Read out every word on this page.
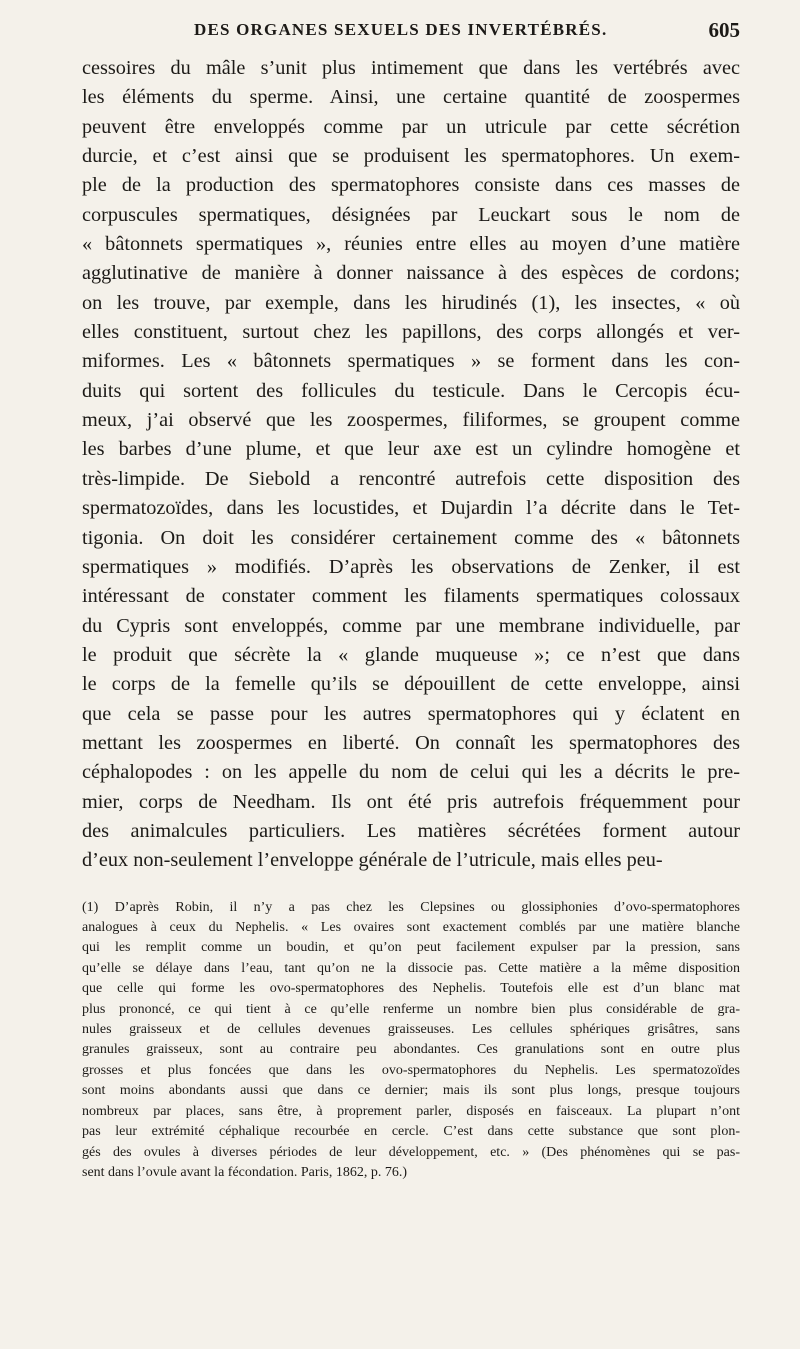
DES ORGANES SEXUELS DES INVERTÉBRÉS.	605
cessoires du mâle s’unit plus intimement que dans les vertébrés avec
les éléments du sperme. Ainsi, une certaine quantité de zoospermes
peuvent être enveloppés comme par un utricule par cette sécrétion
durcie, et c’est ainsi que se produisent les spermatophores. Un exem-
ple de la production des spermatophores consiste dans ces masses de
corpuscules spermatiques, désignées par Leuckart sous le nom de
« bâtonnets spermatiques », réunies entre elles au moyen d’une matière
agglutinative de manière à donner naissance à des espèces de cordons;
on les trouve, par exemple, dans les hirudinés (1), les insectes, « où
elles constituent, surtout chez les papillons, des corps allongés et ver-
miformes. Les « bâtonnets spermatiques » se forment dans les con-
duits qui sortent des follicules du testicule. Dans le Cercopis écu-
meux, j’ai observé que les zoospermes, filiformes, se groupent comme
les barbes d’une plume, et que leur axe est un cylindre homogène et
très-limpide. De Siebold a rencontré autrefois cette disposition des
spermatozoïdes, dans les locustides, et Dujardin l’a décrite dans le Tet-
tigonia. On doit les considérer certainement comme des « bâtonnets
spermatiques » modifiés. D’après les observations de Zenker, il est
intéressant de constater comment les filaments spermatiques colossaux
du Cypris sont enveloppés, comme par une membrane individuelle, par
le produit que sécrète la « glande muqueuse »; ce n’est que dans
le corps de la femelle qu’ils se dépouillent de cette enveloppe, ainsi
que cela se passe pour les autres spermatophores qui y éclatent en
mettant les zoospermes en liberté. On connaît les spermatophores des
céphalopodes : on les appelle du nom de celui qui les a décrits le pre-
mier, corps de Needham. Ils ont été pris autrefois fréquemment pour
des animalcules particuliers. Les matières sécrétées forment autour
d’eux non-seulement l’enveloppe générale de l’utricule, mais elles peu-
(1) D’après Robin, il n’y a pas chez les Clepsines ou glossiphonies d’ovo-spermatophores
analogues à ceux du Nephelis. « Les ovaires sont exactement comblés par une matière blanche
qui les remplit comme un boudin, et qu’on peut facilement expulser par la pression, sans
qu’elle se délaye dans l’eau, tant qu’on ne la dissocie pas. Cette matière a la même disposition
que celle qui forme les ovo-spermatophores des Nephelis. Toutefois elle est d’un blanc mat
plus prononcé, ce qui tient à ce qu’elle renferme un nombre bien plus considérable de gra-
nules graisseux et de cellules devenues graisseuses. Les cellules sphériques grisâtres, sans
granules graisseux, sont au contraire peu abondantes. Ces granulations sont en outre plus
grosses et plus foncées que dans les ovo-spermatophores du Nephelis. Les spermatozoïdes
sont moins abondants aussi que dans ce dernier; mais ils sont plus longs, presque toujours
nombreux par places, sans être, à proprement parler, disposés en faisceaux. La plupart n’ont
pas leur extrémité céphalique recourbée en cercle. C’est dans cette substance que sont plon-
gés des ovules à diverses périodes de leur développement, etc. » (Des phénomènes qui se pas-
sent dans l’ovule avant la fécondation. Paris, 1862, p. 76.)
